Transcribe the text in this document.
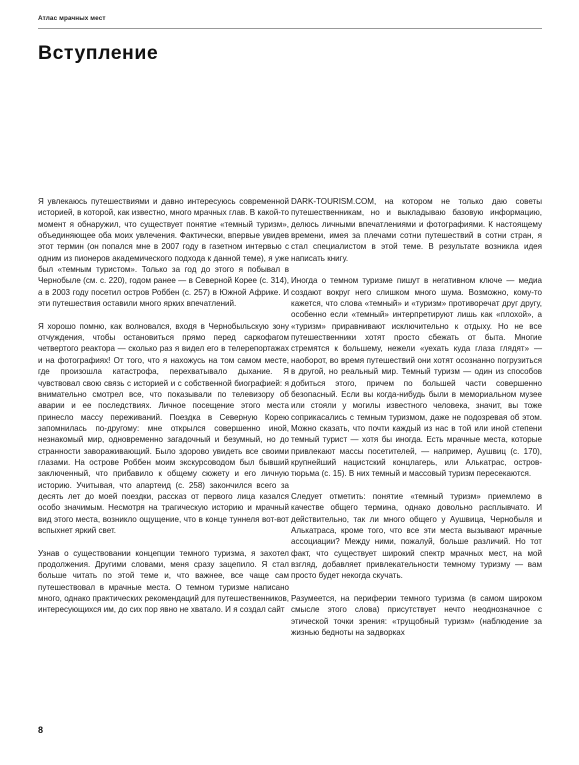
Атлас мрачных мест
Вступление

Я увлекаюсь путешествиями и давно интересуюсь современной историей, в которой, как известно, много мрачных глав. В какой-то момент я обнаружил, что существует понятие «темный туризм», объединяющее оба моих увлечения. Фактически, впервые увидев этот термин (он попался мне в 2007 году в газетном интервью с одним из пионеров академического подхода к данной теме), я уже был «темным туристом». Только за год до этого я побывал в Чернобыле (см. с. 220), годом ранее — в Северной Корее (с. 314), а в 2003 году посетил остров Роббен (с. 257) в Южной Африке. И эти путешествия оставили много ярких впечатлений.

Я хорошо помню, как волновался, входя в Чернобыльскую зону отчуждения, чтобы остановиться прямо перед саркофагом четвертого реактора — сколько раз я видел его в телерепортажах и на фотографиях! От того, что я нахожусь на том самом месте, где произошла катастрофа, перехватывало дыхание. Я чувствовал свою связь с историей и с собственной биографией: я внимательно смотрел все, что показывали по телевизору об аварии и ее последствиях. Личное посещение этого места принесло массу переживаний. Поездка в Северную Корею запомнилась по-другому: мне открылся совершенно иной, незнакомый мир, одновременно загадочный и безумный, но до странности завораживающий. Было здорово увидеть все своими глазами. На острове Роббен моим экскурсоводом был бывший заключенный, что прибавило к общему сюжету и его личную историю. Учитывая, что апартеид (с. 258) закончился всего за десять лет до моей поездки, рассказ от первого лица казался особо значимым. Несмотря на трагическую историю и мрачный вид этого места, возникло ощущение, что в конце туннеля вот-вот вспыхнет яркий свет.

Узнав о существовании концепции темного туризма, я захотел продолжения. Другими словами, меня сразу зацепило. Я стал больше читать по этой теме и, что важнее, все чаще сам путешествовал в мрачные места. О темном туризме написано много, однако практических рекомендаций для путешественников, интересующихся им, до сих пор явно не хватало. И я создал сайт

DARK-TOURISM.COM, на котором не только даю советы путешественникам, но и выкладываю базовую информацию, делюсь личными впечатлениями и фотографиями. К настоящему времени, имея за плечами сотни путешествий в сотни стран, я стал специалистом в этой теме. В результате возникла идея написать книгу.

Иногда о темном туризме пишут в негативном ключе — медиа создают вокруг него слишком много шума. Возможно, кому-то кажется, что слова «темный» и «туризм» противоречат друг другу, особенно если «темный» интерпретируют лишь как «плохой», а «туризм» приравнивают исключительно к отдыху. Но не все путешественники хотят просто сбежать от быта. Многие стремятся к большему, нежели «уехать куда глаза глядят» — наоборот, во время путешествий они хотят осознанно погрузиться в другой, но реальный мир. Темный туризм — один из способов добиться этого, причем по большей части совершенно безопасный. Если вы когда-нибудь были в мемориальном музее или стояли у могилы известного человека, значит, вы тоже соприкасались с темным туризмом, даже не подозревая об этом. Можно сказать, что почти каждый из нас в той или иной степени темный турист — хотя бы иногда. Есть мрачные места, которые привлекают массы посетителей, — например, Аушвиц (с. 170), крупнейший нацистский концлагерь, или Алькатрас, остров-тюрьма (с. 15). В них темный и массовый туризм пересекаются.

Следует отметить: понятие «темный туризм» приемлемо в качестве общего термина, однако довольно расплывчато. И действительно, так ли много общего у Аушвица, Чернобыля и Алькатраса, кроме того, что все эти места вызывают мрачные ассоциации? Между ними, пожалуй, больше различий. Но тот факт, что существует широкий спектр мрачных мест, на мой взгляд, добавляет привлекательности темному туризму — вам просто будет некогда скучать.

Разумеется, на периферии темного туризма (в самом широком смысле этого слова) присутствует нечто неоднозначное с этической точки зрения: «трущобный туризм» (наблюдение за жизнью бедноты на задворках

8
